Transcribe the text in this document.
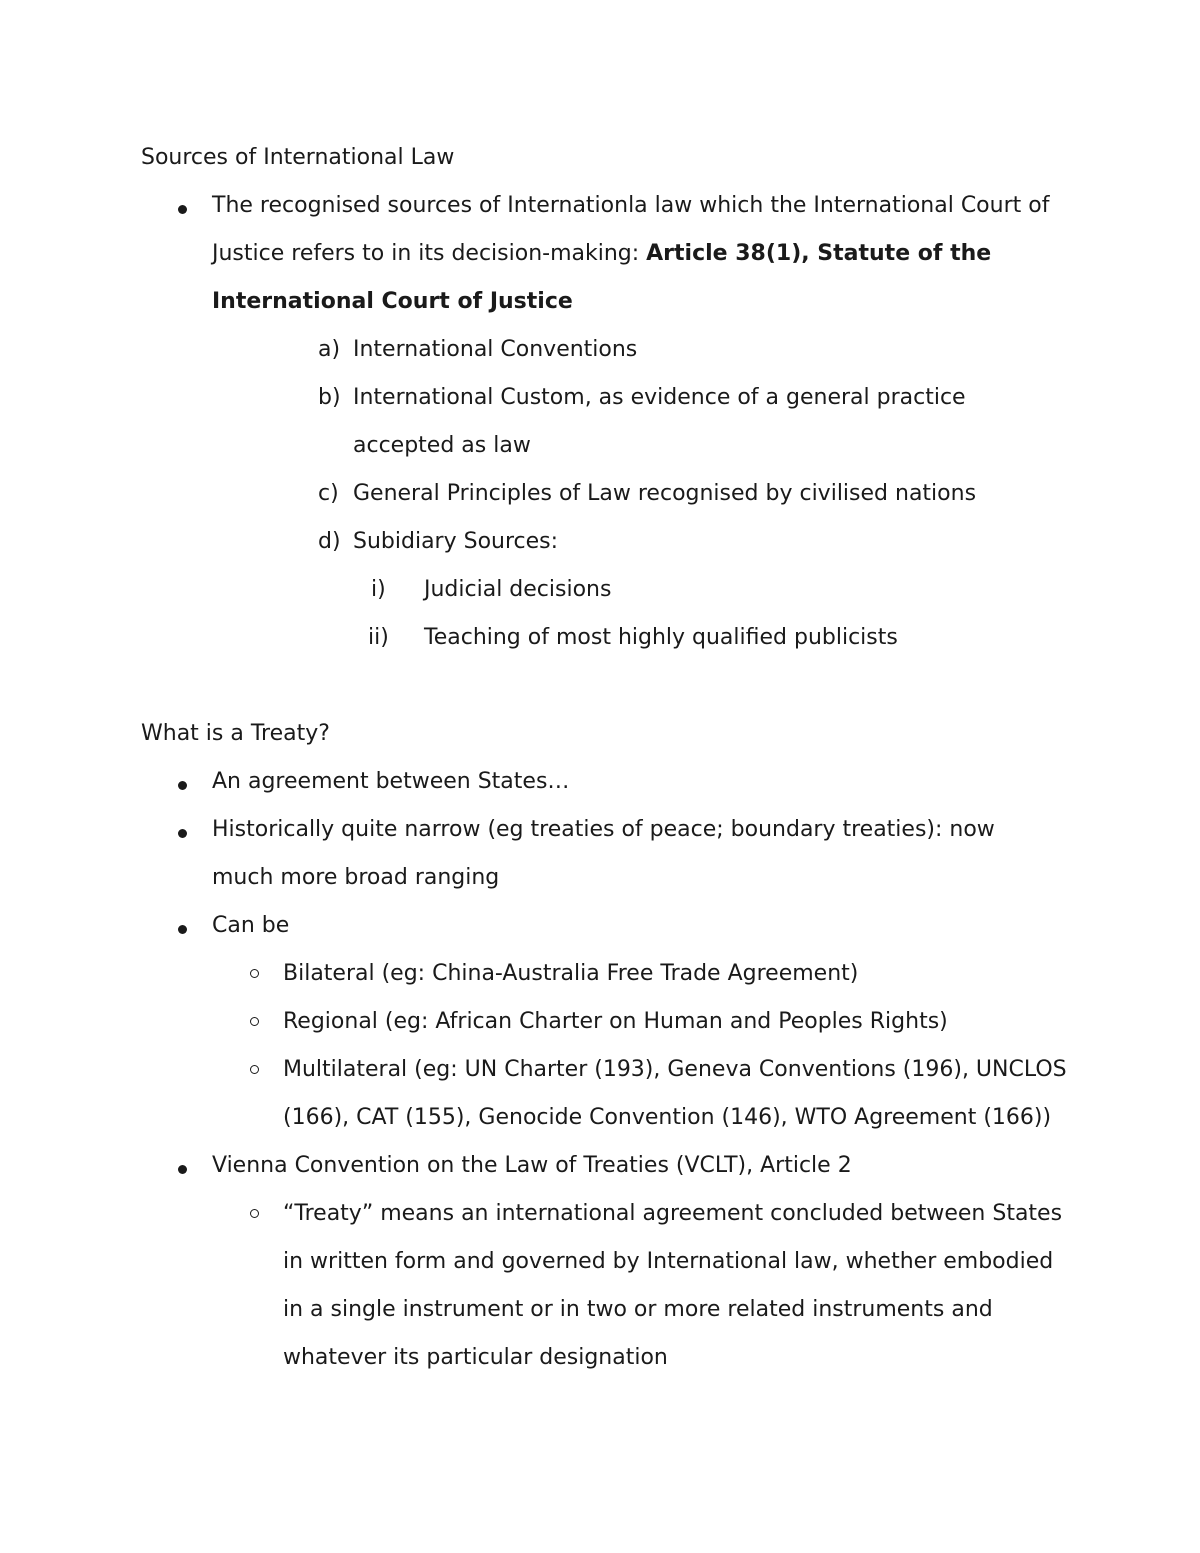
Sources of International Law
The recognised sources of Internationla law which the International Court of Justice refers to in its decision-making: Article 38(1), Statute of the International Court of Justice
a) International Conventions
b) International Custom, as evidence of a general practice accepted as law
c) General Principles of Law recognised by civilised nations
d) Subidiary Sources:
i) Judicial decisions
ii) Teaching of most highly qualified publicists
What is a Treaty?
An agreement between States…
Historically quite narrow (eg treaties of peace; boundary treaties): now much more broad ranging
Can be
Bilateral (eg: China-Australia Free Trade Agreement)
Regional (eg: African Charter on Human and Peoples Rights)
Multilateral (eg: UN Charter (193), Geneva Conventions (196), UNCLOS (166), CAT (155), Genocide Convention (146), WTO Agreement (166))
Vienna Convention on the Law of Treaties (VCLT), Article 2
“Treaty” means an international agreement concluded between States in written form and governed by International law, whether embodied in a single instrument or in two or more related instruments and whatever its particular designation
